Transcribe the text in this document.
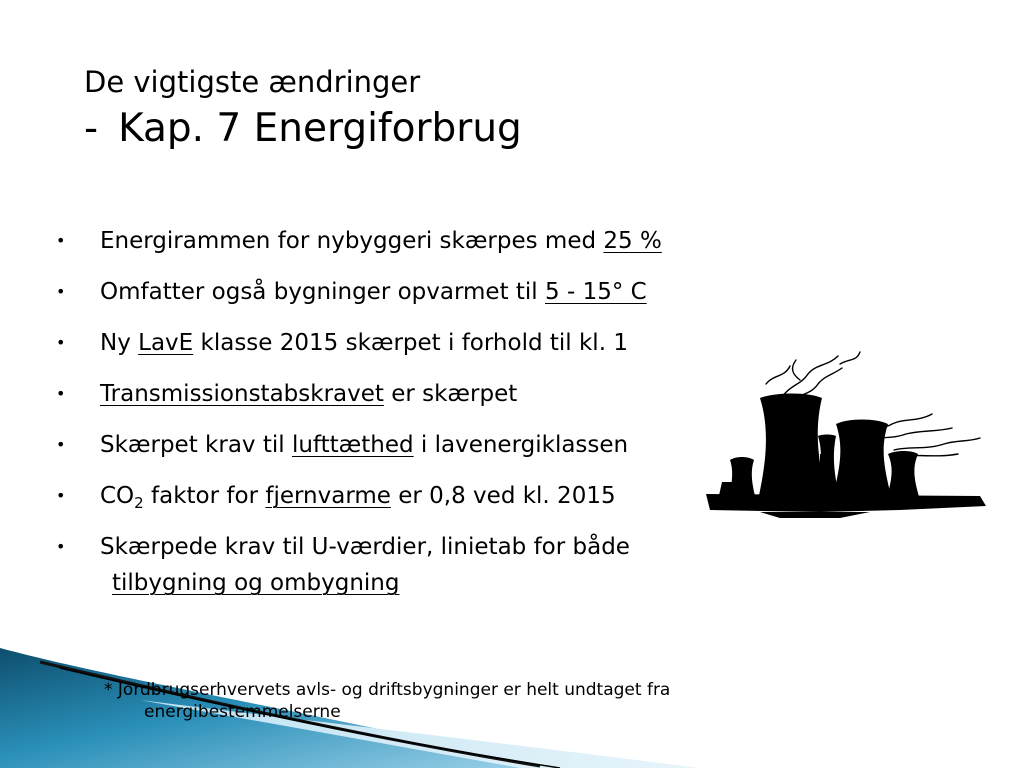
De vigtigste ændringer
- Kap. 7 Energiforbrug
• Energirammen for nybyggeri skærpes med 25 %
• Omfatter også bygninger opvarmet til 5 - 15° C
• Ny LavE klasse 2015 skærpet i forhold til kl. 1
• Transmissionstabskravet er skærpet
• Skærpet krav til lufttæthed i lavenergiklassen
• $CO_2$ faktor for fjernvarme er 0,8 ved kl. 2015
• Skærpede krav til U-værdier, linietab for både
tilbygning og ombygning
* Jordbrugserhvervets avls- og driftsbygninger er helt undtaget fra
energibestemmelserne
